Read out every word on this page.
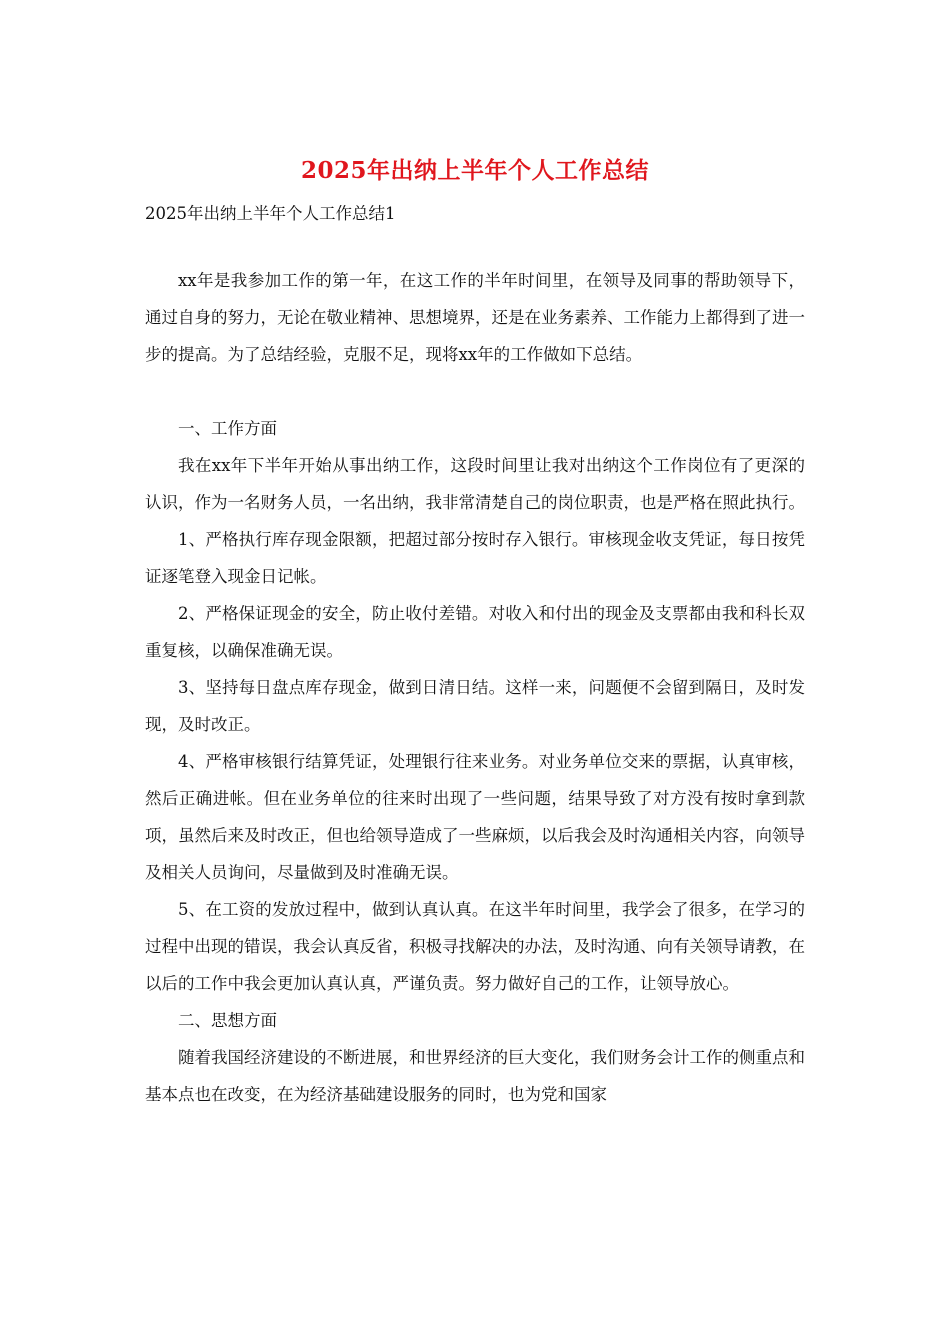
2025年出纳上半年个人工作总结
2025年出纳上半年个人工作总结1

xx年是我参加工作的第一年，在这工作的半年时间里，在领导及同事的帮助领导下，通过自身的努力，无论在敬业精神、思想境界，还是在业务素养、工作能力上都得到了进一步的提高。为了总结经验，克服不足，现将xx年的工作做如下总结。

一、工作方面

我在xx年下半年开始从事出纳工作，这段时间里让我对出纳这个工作岗位有了更深的认识，作为一名财务人员，一名出纳，我非常清楚自己的岗位职责，也是严格在照此执行。

1、严格执行库存现金限额，把超过部分按时存入银行。审核现金收支凭证，每日按凭证逐笔登入现金日记帐。

2、严格保证现金的安全，防止收付差错。对收入和付出的现金及支票都由我和科长双重复核，以确保准确无误。

3、坚持每日盘点库存现金，做到日清日结。这样一来，问题便不会留到隔日，及时发现，及时改正。

4、严格审核银行结算凭证，处理银行往来业务。对业务单位交来的票据，认真审核，然后正确进帐。但在业务单位的往来时出现了一些问题，结果导致了对方没有按时拿到款项，虽然后来及时改正，但也给领导造成了一些麻烦，以后我会及时沟通相关内容，向领导及相关人员询问，尽量做到及时准确无误。

5、在工资的发放过程中，做到认真认真。在这半年时间里，我学会了很多，在学习的过程中出现的错误，我会认真反省，积极寻找解决的办法，及时沟通、向有关领导请教，在以后的工作中我会更加认真认真，严谨负责。努力做好自己的工作，让领导放心。

二、思想方面

随着我国经济建设的不断进展，和世界经济的巨大变化，我们财务会计工作的侧重点和基本点也在改变，在为经济基础建设服务的同时，也为党和国家
